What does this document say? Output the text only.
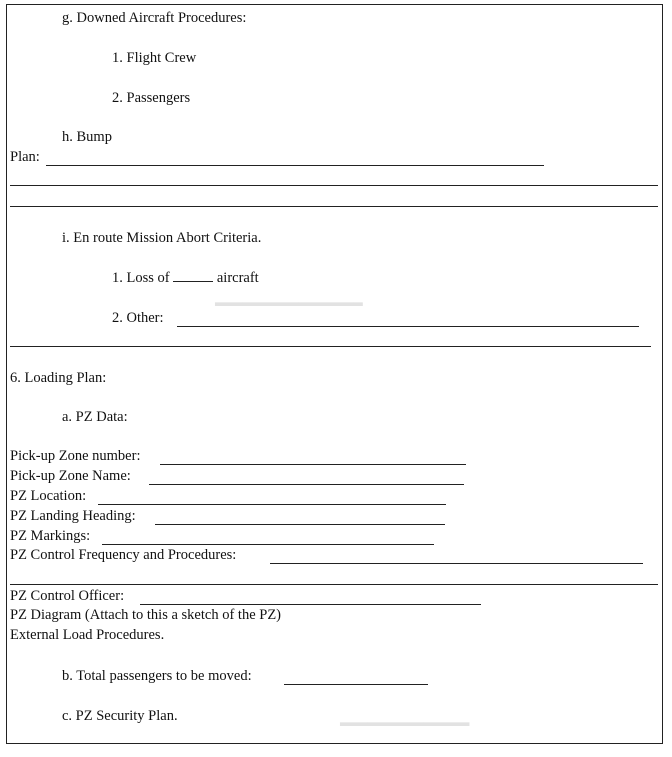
▂▂▂▂▂▂▂▂▂▂▂▂▂▂▂▂
▂▂▂▂▂▂▂▂▂▂▂▂▂▂
g. Downed Aircraft Procedures:
1. Flight Crew
2. Passengers
h. Bump
Plan:
i. En route Mission Abort Criteria.
1. Loss of	aircraft
2. Other:
6. Loading Plan:
a. PZ Data:
Pick-up Zone number:
Pick-up Zone Name:
PZ Location:
PZ Landing Heading:
PZ Markings:
PZ Control Frequency and Procedures:
PZ Control Officer:
PZ Diagram (Attach to this a sketch of the PZ)
External Load Procedures.
b. Total passengers to be moved:
c. PZ Security Plan.
